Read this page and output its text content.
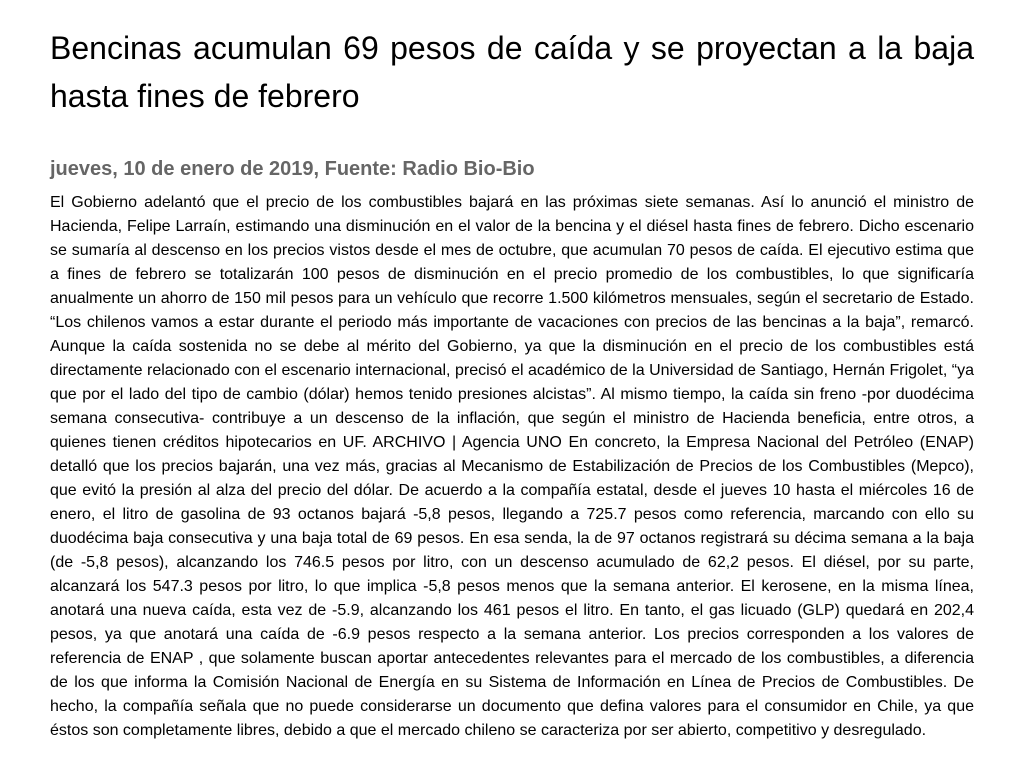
Bencinas acumulan 69 pesos de caída y se proyectan a la baja hasta fines de febrero
jueves, 10 de enero de 2019, Fuente: Radio Bio-Bio

El Gobierno adelantó que el precio de los combustibles bajará en las próximas siete semanas. Así lo anunció el ministro de Hacienda, Felipe Larraín, estimando una disminución en el valor de la bencina y el diésel hasta fines de febrero. Dicho escenario se sumaría al descenso en los precios vistos desde el mes de octubre, que acumulan 70 pesos de caída. El ejecutivo estima que a fines de febrero se totalizarán 100 pesos de disminución en el precio promedio de los combustibles, lo que significaría anualmente un ahorro de 150 mil pesos para un vehículo que recorre 1.500 kilómetros mensuales, según el secretario de Estado. “Los chilenos vamos a estar durante el periodo más importante de vacaciones con precios de las bencinas a la baja”, remarcó. Aunque la caída sostenida no se debe al mérito del Gobierno, ya que la disminución en el precio de los combustibles está directamente relacionado con el escenario internacional, precisó el académico de la Universidad de Santiago, Hernán Frigolet, “ya que por el lado del tipo de cambio (dólar) hemos tenido presiones alcistas”. Al mismo tiempo, la caída sin freno -por duodécima semana consecutiva- contribuye a un descenso de la inflación, que según el ministro de Hacienda beneficia, entre otros, a quienes tienen créditos hipotecarios en UF. ARCHIVO | Agencia UNO En concreto, la Empresa Nacional del Petróleo (ENAP) detalló que los precios bajarán, una vez más, gracias al Mecanismo de Estabilización de Precios de los Combustibles (Mepco), que evitó la presión al alza del precio del dólar. De acuerdo a la compañía estatal, desde el jueves 10 hasta el miércoles 16 de enero, el litro de gasolina de 93 octanos bajará -5,8 pesos, llegando a 725.7 pesos como referencia, marcando con ello su duodécima baja consecutiva y una baja total de 69 pesos. En esa senda, la de 97 octanos registrará su décima semana a la baja (de -5,8 pesos), alcanzando los 746.5 pesos por litro, con un descenso acumulado de 62,2 pesos. El diésel, por su parte, alcanzará los 547.3 pesos por litro, lo que implica -5,8 pesos menos que la semana anterior. El kerosene, en la misma línea, anotará una nueva caída, esta vez de -5.9, alcanzando los 461 pesos el litro. En tanto, el gas licuado (GLP) quedará en 202,4 pesos, ya que anotará una caída de -6.9 pesos respecto a la semana anterior. Los precios corresponden a los valores de referencia de ENAP , que solamente buscan aportar antecedentes relevantes para el mercado de los combustibles, a diferencia de los que informa la Comisión Nacional de Energía en su Sistema de Información en Línea de Precios de Combustibles. De hecho, la compañía señala que no puede considerarse un documento que defina valores para el consumidor en Chile, ya que éstos son completamente libres, debido a que el mercado chileno se caracteriza por ser abierto, competitivo y desregulado.
